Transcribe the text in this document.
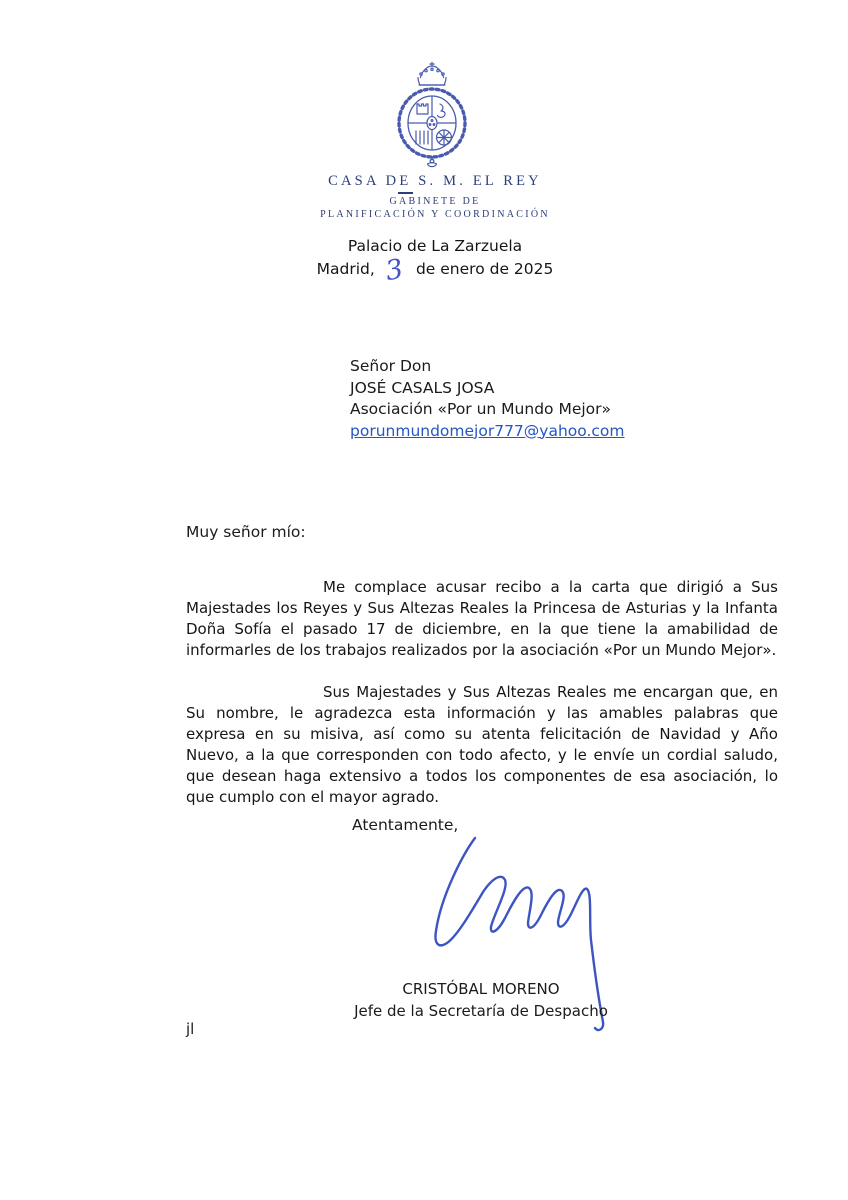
CASA DE S. M. EL REY
GABINETE DE
PLANIFICACIÓN Y COORDINACIÓN
Palacio de La Zarzuela
Madrid, 3 de enero de 2025
Señor Don
JOSÉ CASALS JOSA
Asociación «Por un Mundo Mejor»
porunmundomejor777@yahoo.com
Muy señor mío:

Me complace acusar recibo a la carta que dirigió a Sus Majestades los Reyes y Sus Altezas Reales la Princesa de Asturias y la Infanta Doña Sofía el pasado 17 de diciembre, en la que tiene la amabilidad de informarles de los trabajos realizados por la asociación «Por un Mundo Mejor».

Sus Majestades y Sus Altezas Reales me encargan que, en Su nombre, le agradezca esta información y las amables palabras que expresa en su misiva, así como su atenta felicitación de Navidad y Año Nuevo, a la que corresponden con todo afecto, y le envíe un cordial saludo, que desean haga extensivo a todos los componentes de esa asociación, lo que cumplo con el mayor agrado.

Atentamente,
CRISTÓBAL MORENO
Jefe de la Secretaría de Despacho
jl
